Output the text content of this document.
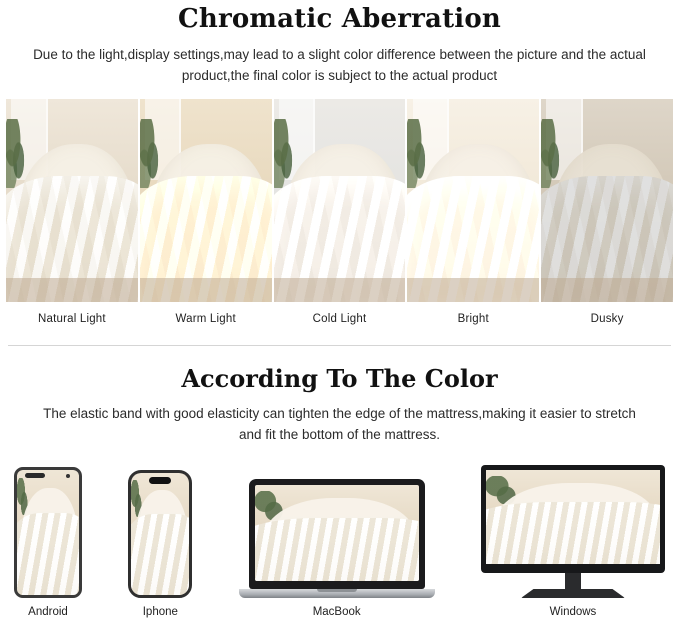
Chromatic Aberration

Due to the light,display settings,may lead to a slight color difference between the picture and the actual product,the final color is subject to the actual product

Natural Light	Warm Light	Cold Light	Bright	Dusky
According To The Color

The elastic band with good elasticity can tighten the edge of the mattress,making it easier to stretch and fit the bottom of the mattress.

Android	Iphone	MacBook	Windows
